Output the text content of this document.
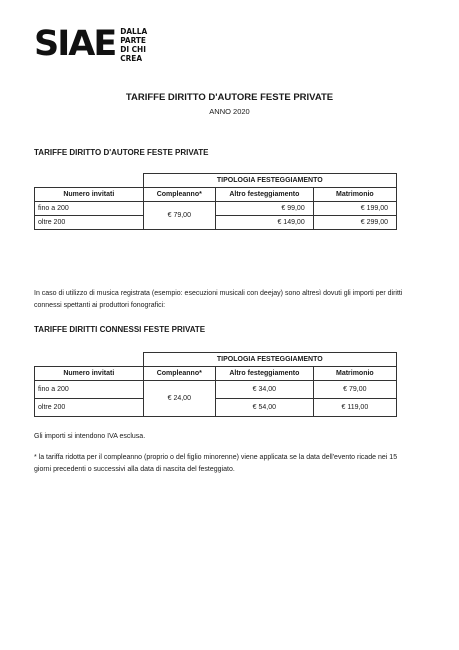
SIAE DALLA
PARTE
DI CHI
CREA
TARIFFE DIRITTO D'AUTORE FESTE PRIVATE
ANNO 2020
TARIFFE DIRITTO D'AUTORE FESTE PRIVATE
	TIPOLOGIA FESTEGGIAMENTO		
Numero invitati	Compleanno*	Altro festeggiamento	Matrimonio
fino a 200	€ 79,00	€ 99,00	€ 199,00
oltre 200		€ 149,00	€ 299,00
In caso di utilizzo di musica registrata (esempio: esecuzioni musicali con deejay) sono altresì dovuti gli importi per diritti connessi spettanti ai produttori fonografici:
TARIFFE DIRITTI CONNESSI FESTE PRIVATE
	TIPOLOGIA FESTEGGIAMENTO		
Numero invitati	Compleanno*	Altro festeggiamento	Matrimonio
fino a 200	€ 24,00	€ 34,00	€ 79,00
oltre 200		€ 54,00	€ 119,00
Gli importi si intendono IVA esclusa.
* la tariffa ridotta per il compleanno (proprio o del figlio minorenne) viene applicata se la data dell'evento ricade nei 15 giorni precedenti o successivi alla data di nascita del festeggiato.
